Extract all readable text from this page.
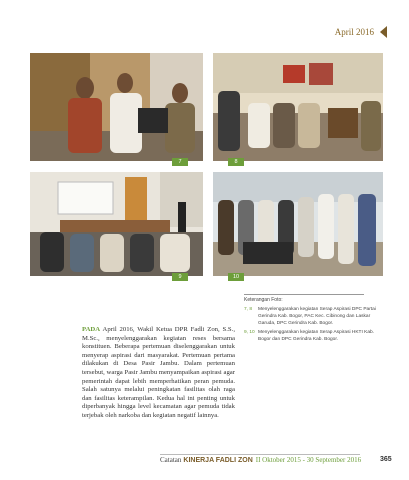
April 2016
7	8
9	10
Keterangan Foto:
7, 8	Menyelenggarakan kegiatan Serap Aspirasi DPC Partai Gerindra Kab. Bogor, PAC Kec. Cibinong dan Laskar Garuda, DPC Gerindra Kab. Bogor.
9, 10 Menyelenggarakan kegiatan Serap Aspirasi HKTI Kab. Bogor dan DPC Gerindra Kab. Bogor.
PADA April 2016, Wakil Ketua DPR Fadli Zon, S.S., M.Sc., menyelenggarakan kegiatan reses bersama konstituen. Beberapa pertemuan diselenggarakan untuk menyerap aspirasi dari masyarakat. Pertemuan pertama dilakukan di Desa Pasir Jambu. Dalam pertemuan tersebut, warga Pasir Jambu menyampaikan aspirasi agar pemerintah dapat lebih memperhatikan peran pemuda. Salah satunya melalui peningkatan fasilitas olah raga dan fasilitas keterampilan. Kedua hal ini penting untuk diperbanyak hingga level kecamatan agar pemuda tidak terjebak oleh narkoba dan kegiatan negatif lainnya.
Catatan KINERJA FADLI ZON II Oktober 2015 - 30 September 2016	365
